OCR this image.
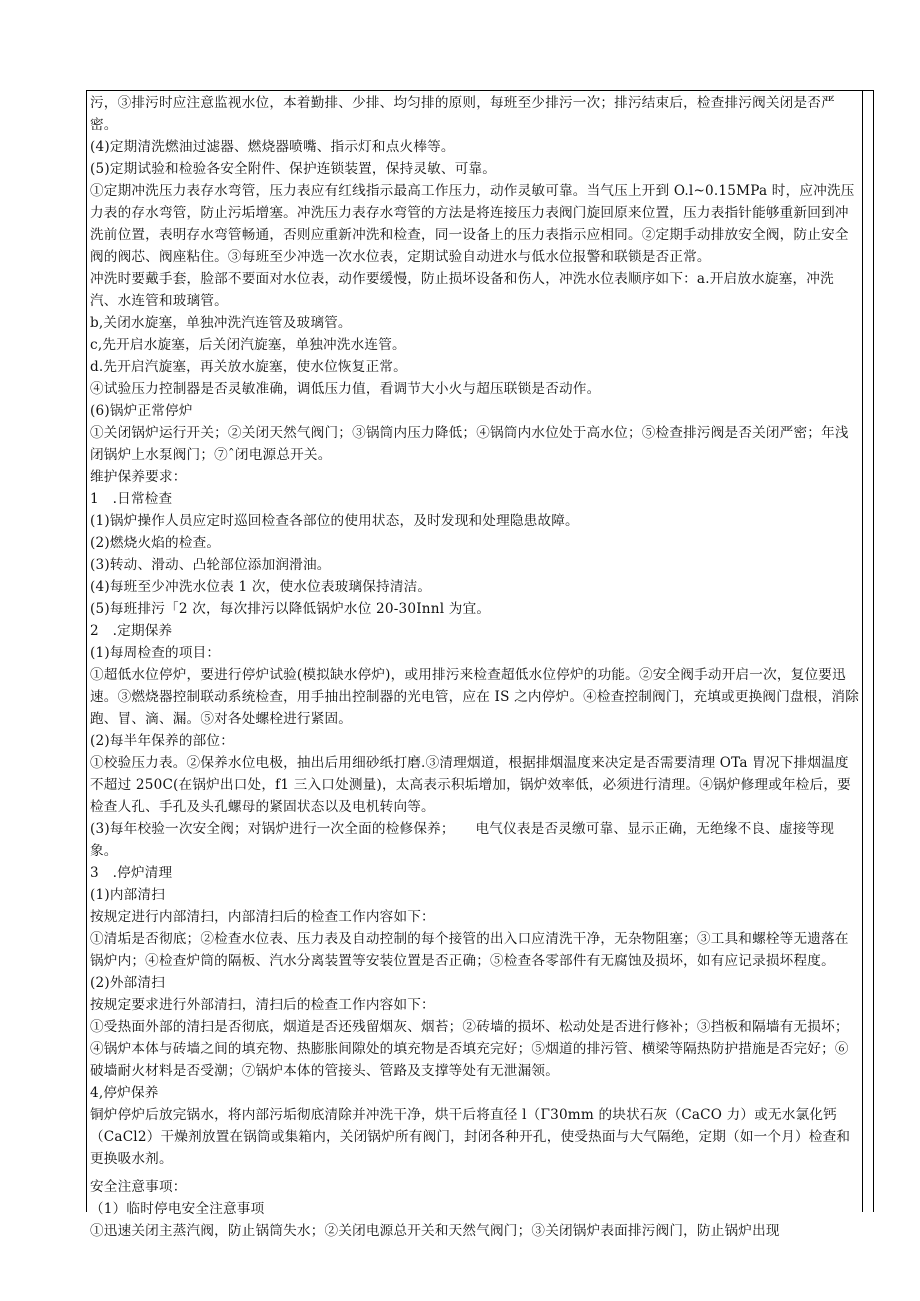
污，③排污时应注意监视水位，本着勤排、少排、均匀排的原则，每班至少排污一次；排污结束后，检查排污阀关闭是否严密。

(4)定期清洗燃油过滤器、燃烧器喷嘴、指示灯和点火棒等。

(5)定期试验和检验各安全附件、保护连锁装置，保持灵敏、可靠。

①定期冲洗压力表存水弯管，压力表应有红线指示最高工作压力，动作灵敏可靠。当气压上开到 O.l~0.15MPa 时，应冲洗压力表的存水弯管，防止污垢增塞。冲洗压力表存水弯管的方法是将连接压力表阀门旋回原来位置，压力表指针能够重新回到冲洗前位置，表明存水弯管畅通，否则应重新冲洗和检查，同一设备上的压力表指示应相同。②定期手动排放安全阀，防止安全阀的阀芯、阀座粘住。③每班至少冲选一次水位表，定期试验自动进水与低水位报警和联锁是否正常。

冲洗时要戴手套，脸部不要面对水位表，动作要缓慢，防止损坏设备和伤人，冲洗水位表顺序如下：a.开启放水旋塞，冲洗汽、水连管和玻璃管。

b,关闭水旋塞，单独冲洗汽连管及玻璃管。

c,先开启水旋塞，后关闭汽旋塞，单独冲洗水连管。

d.先开启汽旋塞，再关放水旋塞，使水位恢复正常。

④试验压力控制器是否灵敏准确，调低压力值，看调节大小火与超压联锁是否动作。

(6)锅炉正常停炉

①关闭锅炉运行开关；②关闭天然气阀门；③锅筒内压力降低；④锅筒内水位处于高水位；⑤检查排污阀是否关闭严密；年浅闭锅炉上水泵阀门；⑦ˆ闭电源总开关。

维护保养要求：

1　.日常检查

(1)锅炉操作人员应定时巡回检查各部位的使用状态，及时发现和处理隐患故障。

(2)燃烧火焰的检查。

(3)转动、滑动、凸轮部位添加润滑油。

(4)每班至少冲洗水位表 1 次，使水位表玻璃保持清洁。

(5)每班排污「2 次，每次排污以降低锅炉水位 20-30Innl 为宜。

2　.定期保养

(1)每周检查的项目：

①超低水位停炉，要进行停炉试验(模拟缺水停炉)，或用排污来检查超低水位停炉的功能。②安全阀手动开启一次，复位要迅速。③燃烧器控制联动系统检查，用手抽出控制器的光电管，应在 IS 之内停炉。④检查控制阀门，充填或更换阀门盘根，消除跑、冒、滴、漏。⑤对各处螺栓进行紧固。

(2)每半年保养的部位：

①校验压力表。②保养水位电极，抽出后用细砂纸打磨.③清理烟道，根据排烟温度来决定是否需要清理 OTa 胃况下排烟温度不超过 250C(在锅炉出口处，f1 三入口处测量)，太高表示积垢增加，锅炉效率低，必须进行清理。④锅炉修理或年检后，要检查人孔、手孔及头孔螺母的紧固状态以及电机转向等。

(3)每年校验一次安全阀；对锅炉进行一次全面的检修保养；　　电气仪表是否灵缴可靠、显示正确，无绝缘不良、虚接等现象。

3　.停炉清理

(1)内部清扫

按规定进行内部清扫，内部清扫后的检查工作内容如下：

①清垢是否彻底；②检查水位表、压力表及自动控制的每个接管的出入口应清洗干净，无杂物阻塞；③工具和螺栓等无遗落在锅炉内；④检查炉筒的隔板、汽水分离装置等安装位置是否正确；⑤检查各零部件有无腐蚀及损坏，如有应记录损坏程度。

(2)外部清扫

按规定要求进行外部清扫，清扫后的检查工作内容如下：

①受热面外部的清扫是否彻底，烟道是否还残留烟灰、烟苔；②砖墙的损坏、松动处是否进行修补；③挡板和隔墙有无损坏；④锅炉本体与砖墙之间的填充物、热膨胀间隙处的填充物是否填充完好；⑤烟道的排污管、横梁等隔热防护措施是否完好；⑥破墙耐火材料是否受潮；⑦锅炉本体的管接头、管路及支撑等处有无泄漏领。

4,停炉保养

铜炉停炉后放完锅水，将内部污垢彻底清除并冲洗干净，烘干后将直径 l（Γ30mm 的块状石灰（CaCO 力）或无水氯化钙（CaCl2）干燥剂放置在锅筒或集箱内，关闭锅炉所有阀门，封闭各种开孔，使受热面与大气隔绝，定期（如一个月）检查和更换吸水剂。

安全注意事项：

（1）临时停电安全注意事项

①迅速关闭主蒸汽阀，防止锅筒失水；②关闭电源总开关和天然气阀门；③关闭锅炉表面排污阀门，防止锅炉出现
